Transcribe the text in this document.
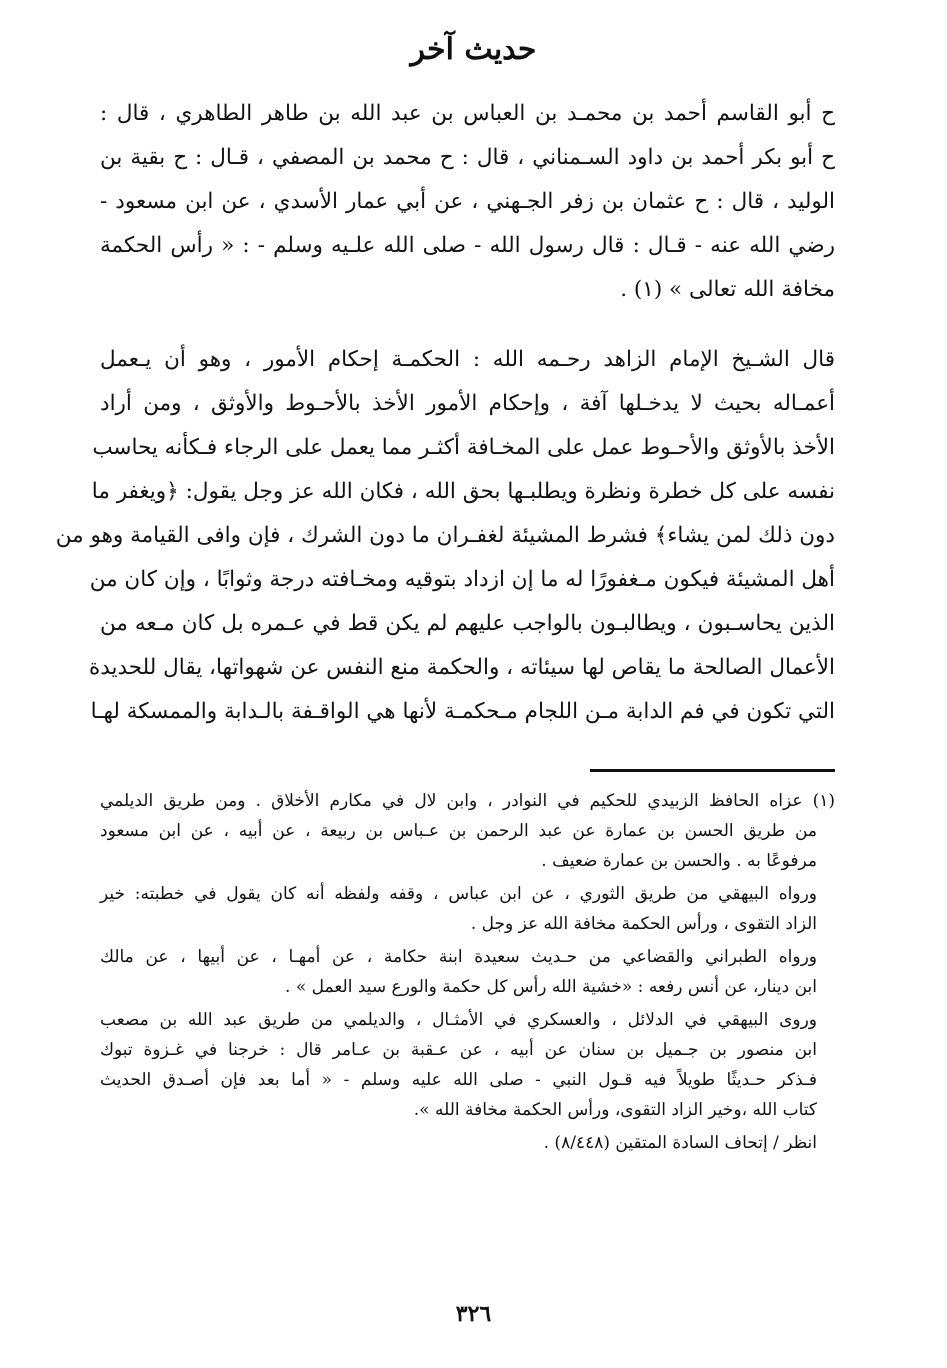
حديث آخر
ح أبو القاسم أحمد بن محمـد بن العباس بن عبد الله بن طاهر الطاهري ، قال :
ح أبو بكر أحمد بن داود السـمناني ، قال : ح محمد بن المصفي ، قـال : ح بقية بن
الوليد ، قال : ح عثمان بن زفر الجـهني ، عن أبي عمار الأسدي ، عن ابن مسعود -
رضي الله عنه - قـال : قال رسول الله - صلى الله علـيه وسلم - : « رأس الحكمة
مخافة الله تعالى » (١) .
قال الشـيخ الإمام الزاهد رحـمه الله : الحكمـة إحكام الأمور ، وهو أن يـعمل
أعمـاله بحيث لا يدخـلها آفة ، وإحكام الأمور الأخذ بالأحـوط والأوثق ، ومن أراد
الأخذ بالأوثق والأحـوط عمل على المخـافة أكثـر مما يعمل على الرجاء فـكأنه يحاسب
نفسه على كل خطرة ونظرة ويطلبـها بحق الله ، فكان الله عز وجل يقول: ﴿ويغفر ما
دون ذلك لمن يشاء﴾ فشرط المشيئة لغفـران ما دون الشرك ، فإن وافى القيامة وهو من
أهل المشيئة فيكون مـغفورًا له ما إن ازداد بتوقيه ومخـافته درجة وثوابًا ، وإن كان من
الذين يحاسـبون ، ويطالبـون بالواجب عليهم لم يكن قط في عـمره بل كان مـعه من
الأعمال الصالحة ما يقاص لها سيئاته ، والحكمة منع النفس عن شهواتها، يقال للحديدة
التي تكون في فم الدابة مـن اللجام مـحكمـة لأنها هي الواقـفة بالـدابة والممسكة لهـا
(١) عزاه الحافظ الزبيدي للحكيم في النوادر ، وابن لال في مكارم الأخلاق . ومن طريق الديلمي
من طريق الحسن بن عمارة عن عبد الرحمن بن عـباس بن ربيعة ، عن أبيه ، عن ابن مسعود
مرفوعًا به . والحسن بن عمارة ضعيف .
ورواه البيهقي من طريق الثوري ، عن ابن عباس ، وقفه ولفظه أنه كان يقول في خطبته: خير
الزاد التقوى ، ورأس الحكمة مخافة الله عز وجل .
ورواه الطبراني والقضاعي من حـديث سعيدة ابنة حكامة ، عن أمهـا ، عن أبيها ، عن مالك
ابن دينار، عن أنس رفعه : «خشية الله رأس كل حكمة والورع سيد العمل » .
وروى البيهقي في الدلائل ، والعسكري في الأمثـال ، والديلمي من طريق عبد الله بن مصعب
ابن منصور بن جـميل بن سنان عن أبيه ، عن عـقبة بن عـامر قال : خرجنا في غـزوة تبوك
فـذكر حـديثًا طويلاً فيه قـول النبي - صلى الله عليه وسلم - « أما بعد فإن أصـدق الحديث
كتاب الله ،وخير الزاد التقوى، ورأس الحكمة مخافة الله ».
انظر / إتحاف السادة المتقين (٨/٤٤٨) .
٣٢٦
